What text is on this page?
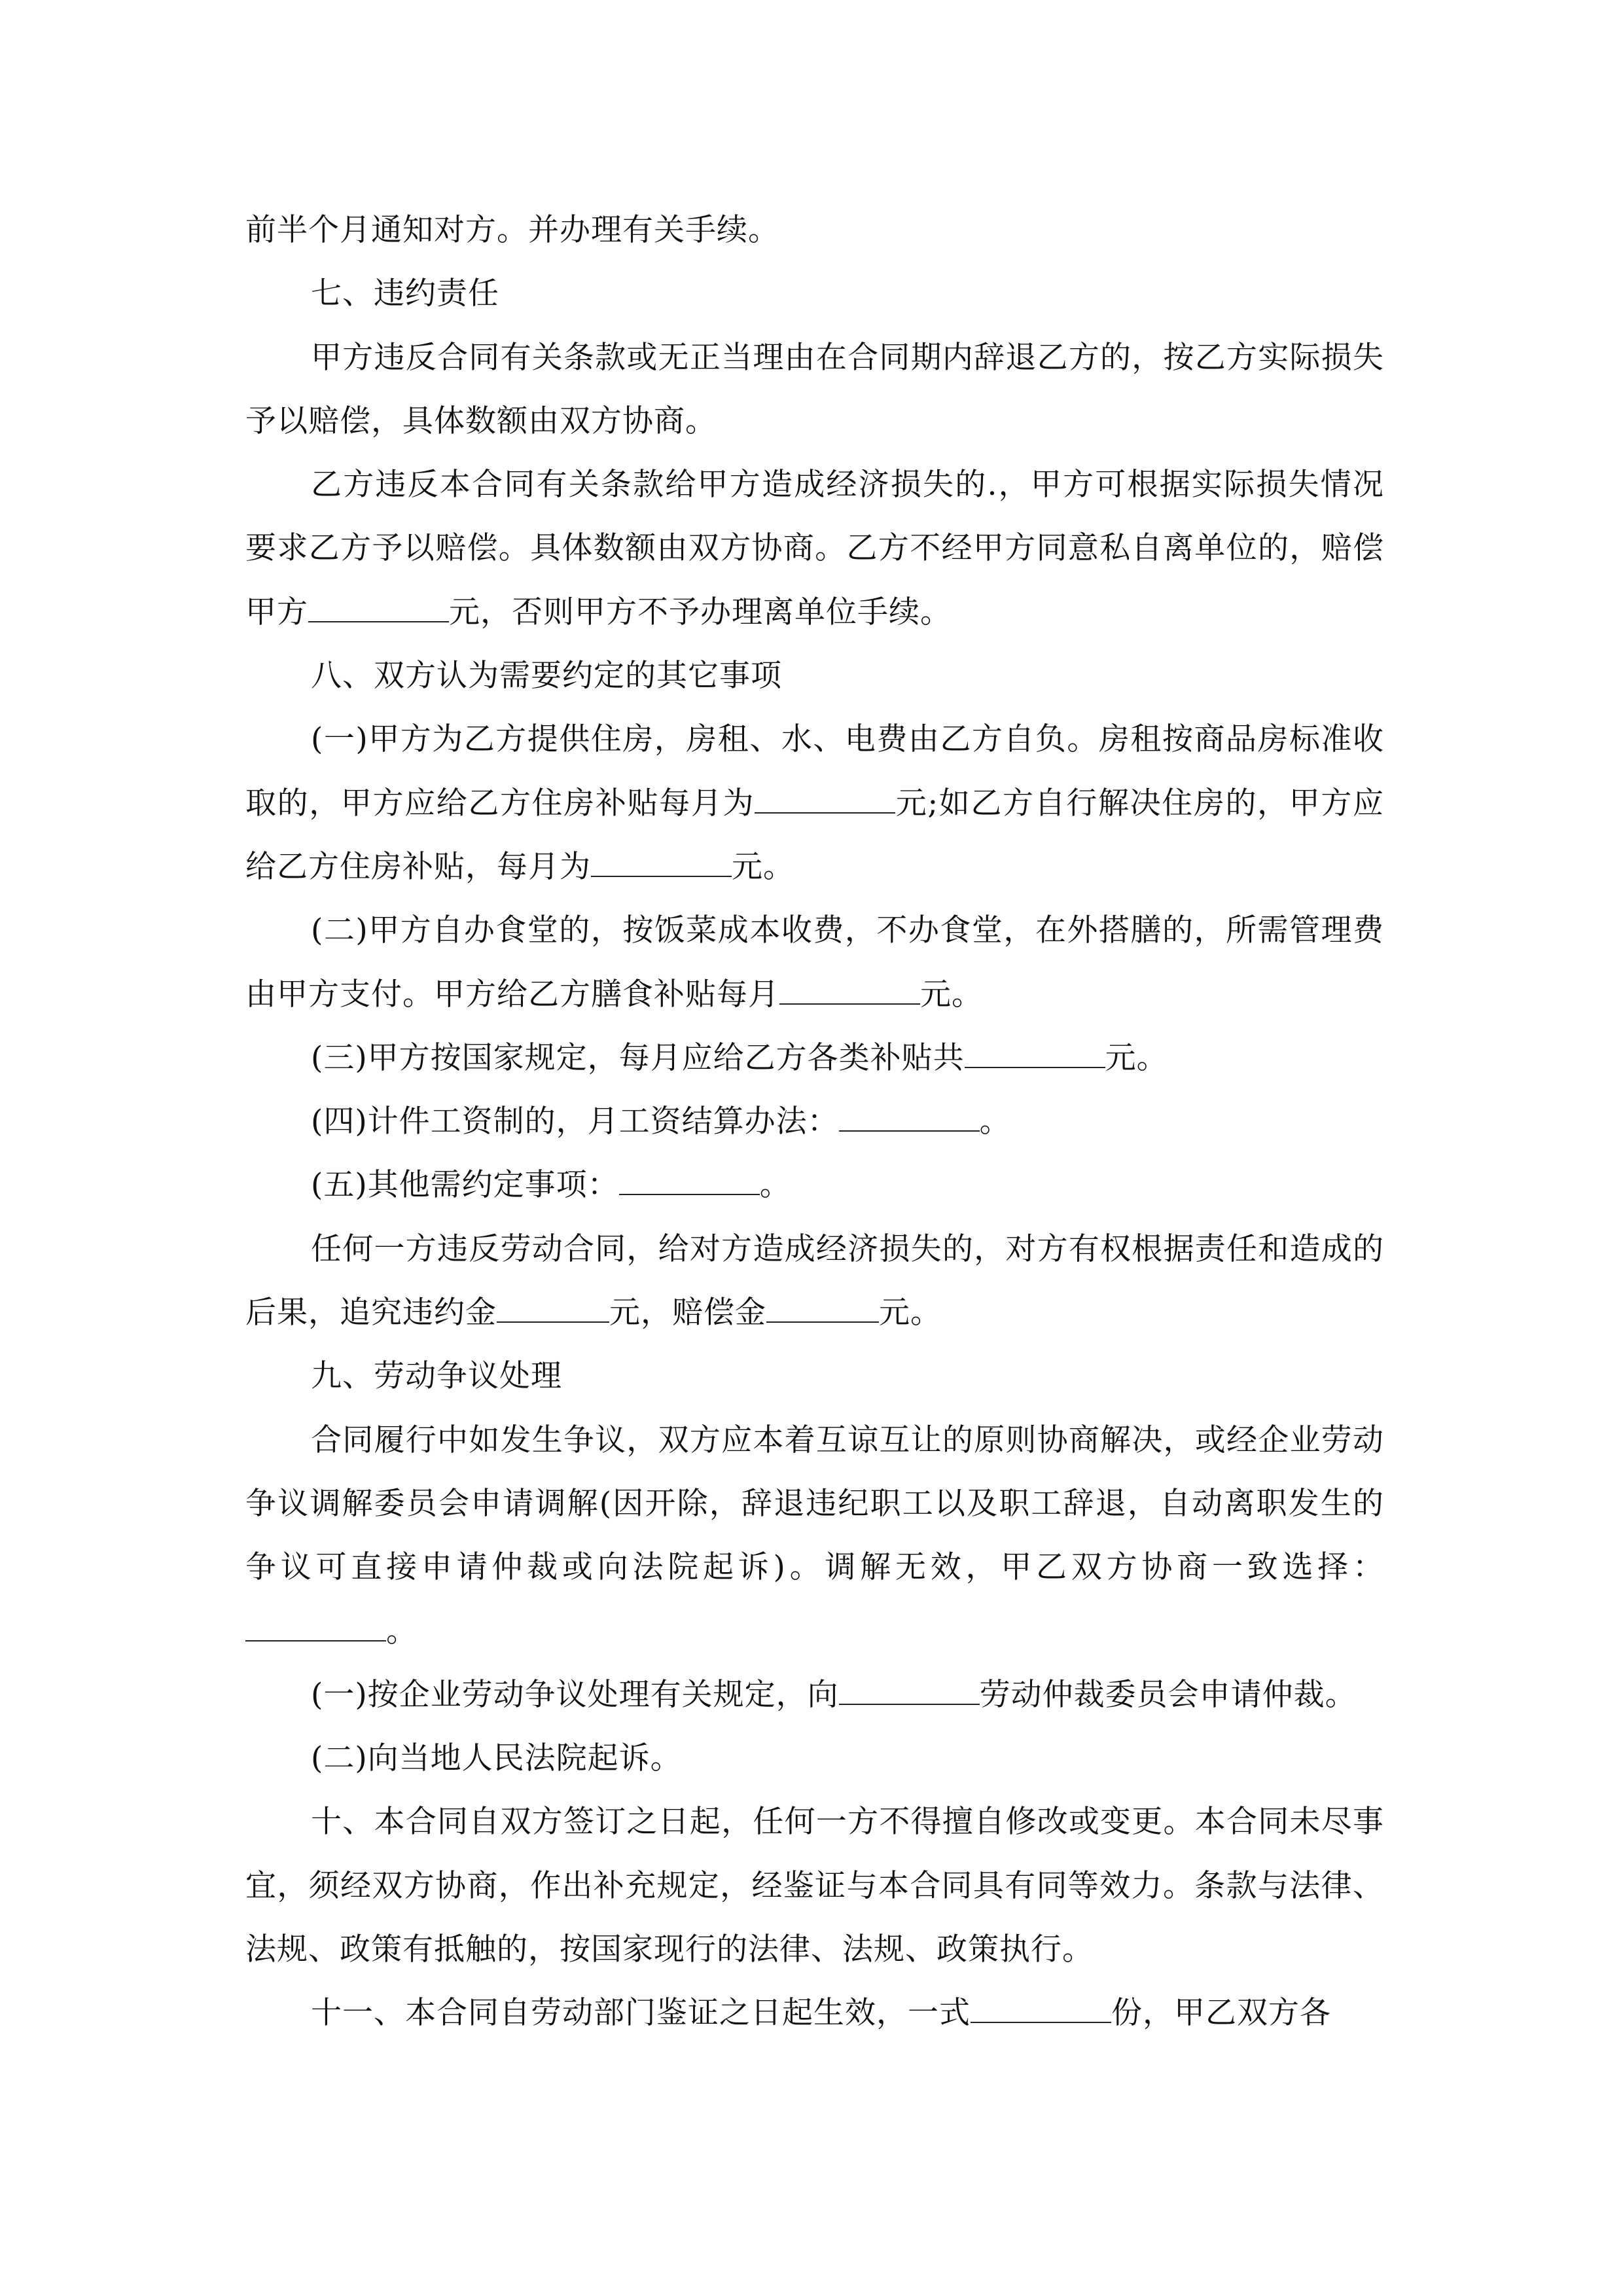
前半个月通知对方。并办理有关手续。

七、违约责任

甲方违反合同有关条款或无正当理由在合同期内辞退乙方的，按乙方实际损失予以赔偿，具体数额由双方协商。

乙方违反本合同有关条款给甲方造成经济损失的.，甲方可根据实际损失情况要求乙方予以赔偿。具体数额由双方协商。乙方不经甲方同意私自离单位的，赔偿甲方	元，否则甲方不予办理离单位手续。

八、双方认为需要约定的其它事项

(一)甲方为乙方提供住房，房租、水、电费由乙方自负。房租按商品房标准收取的，甲方应给乙方住房补贴每月为	元;如乙方自行解决住房的，甲方应给乙方住房补贴，每月为	元。

(二)甲方自办食堂的，按饭菜成本收费，不办食堂，在外搭膳的，所需管理费由甲方支付。甲方给乙方膳食补贴每月	元。

(三)甲方按国家规定，每月应给乙方各类补贴共	元。

(四)计件工资制的，月工资结算办法：	。

(五)其他需约定事项：	。

任何一方违反劳动合同，给对方造成经济损失的，对方有权根据责任和造成的后果，追究违约金	元，赔偿金	元。

九、劳动争议处理

合同履行中如发生争议，双方应本着互谅互让的原则协商解决，或经企业劳动争议调解委员会申请调解(因开除，辞退违纪职工以及职工辞退，自动离职发生的争议可直接申请仲裁或向法院起诉)。调解无效，甲乙双方协商一致选择：。

(一)按企业劳动争议处理有关规定，向	劳动仲裁委员会申请仲裁。

(二)向当地人民法院起诉。

十、本合同自双方签订之日起，任何一方不得擅自修改或变更。本合同未尽事宜，须经双方协商，作出补充规定，经鉴证与本合同具有同等效力。条款与法律、法规、政策有抵触的，按国家现行的法律、法规、政策执行。

十一、本合同自劳动部门鉴证之日起生效，一式	份，甲乙双方各
